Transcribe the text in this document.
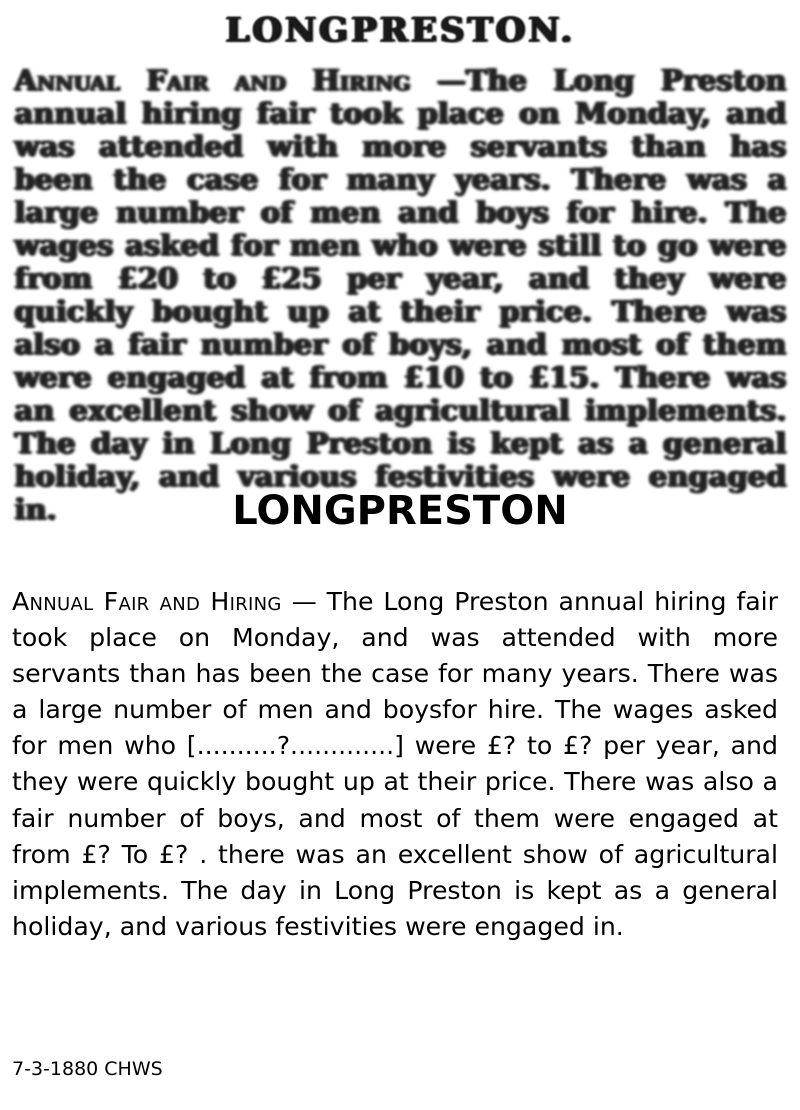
LONGPRESTON.

Annual Fair and Hiring —The Long Preston annual hiring fair took place on Monday, and was attended with more servants than has been the case for many years. There was a large number of men and boys for hire. The wages asked for men who were still to go were from £20 to £25 per year, and they were quickly bought up at their price. There was also a fair number of boys, and most of them were engaged at from £10 to £15. There was an excellent show of agricultural implements. The day in Long Preston is kept as a general holiday, and various festivities were engaged in.	LONGPRESTON

Annual Fair and Hiring — The Long Preston annual hiring fair took place on Monday, and was attended with more servants than has been the case for many years. There was a large number of men and boysfor hire. The wages asked for men who [..........?.............] were £? to £? per year, and they were quickly bought up at their price. There was also a fair number of boys, and most of them were engaged at from £? To £? . there was an excellent show of agricultural implements. The day in Long Preston is kept as a general holiday, and various festivities were engaged in.

7-3-1880 CHWS
